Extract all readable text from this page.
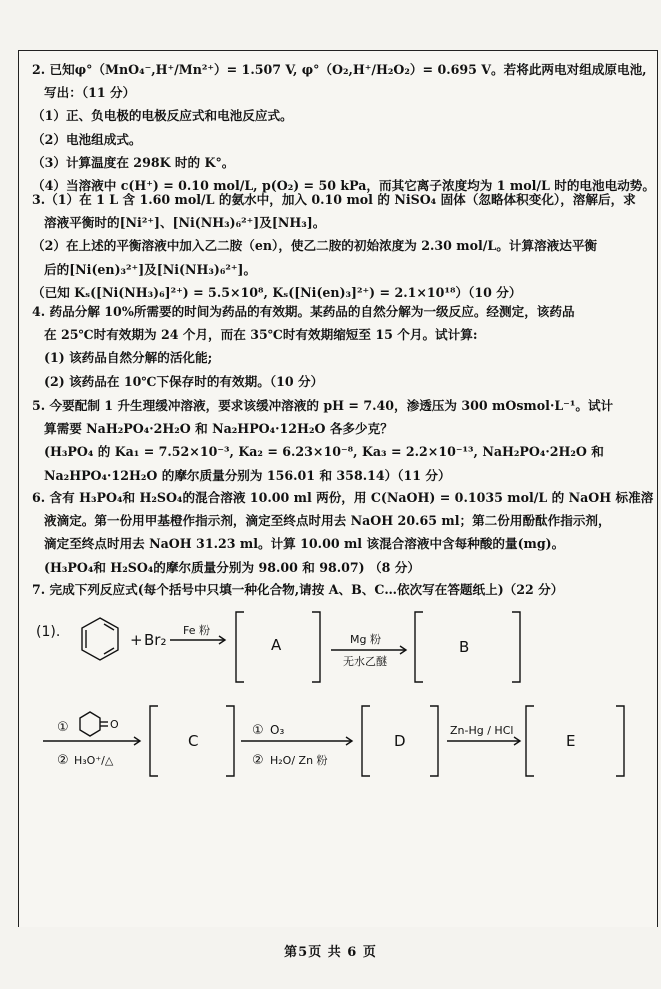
2. 已知φ°（MnO₄⁻,H⁺/Mn²⁺）= 1.507 V, φ°（O₂,H⁺/H₂O₂）= 0.695 V。若将此两电对组成原电池,
写出：（11 分）
（1）正、负电极的电极反应式和电池反应式。
（2）电池组成式。
（3）计算温度在 298K 时的 K°。
（4）当溶液中 c(H⁺) = 0.10 mol/L, p(O₂) = 50 kPa，而其它离子浓度均为 1 mol/L 时的电池电动势。
3.（1）在 1 L 含 1.60 mol/L 的氨水中，加入 0.10 mol 的 NiSO₄ 固体（忽略体积变化），溶解后，求
溶液平衡时的[Ni²⁺]、[Ni(NH₃)₆²⁺]及[NH₃]。
（2）在上述的平衡溶液中加入乙二胺（en），使乙二胺的初始浓度为 2.30 mol/L。计算溶液达平衡
后的[Ni(en)₃²⁺]及[Ni(NH₃)₆²⁺]。
（已知 Kₛ([Ni(NH₃)₆]²⁺) = 5.5×10⁸, Kₛ([Ni(en)₃]²⁺) = 2.1×10¹⁸）（10 分）
4. 药品分解 10%所需要的时间为药品的有效期。某药品的自然分解为一级反应。经测定，该药品
在 25℃时有效期为 24 个月，而在 35℃时有效期缩短至 15 个月。试计算:
(1) 该药品自然分解的活化能;
(2) 该药品在 10℃下保存时的有效期。（10 分）
5. 今要配制 1 升生理缓冲溶液，要求该缓冲溶液的 pH = 7.40，渗透压为 300 mOsmol·L⁻¹。试计
算需要 NaH₂PO₄·2H₂O 和 Na₂HPO₄·12H₂O 各多少克？
(H₃PO₄ 的 Ka₁ = 7.52×10⁻³, Ka₂ = 6.23×10⁻⁸, Ka₃ = 2.2×10⁻¹³, NaH₂PO₄·2H₂O 和
Na₂HPO₄·12H₂O 的摩尔质量分别为 156.01 和 358.14）（11 分）
6. 含有 H₃PO₄和 H₂SO₄的混合溶液 10.00 ml 两份，用 C(NaOH) = 0.1035 mol/L 的 NaOH 标准溶
液滴定。第一份用甲基橙作指示剂，滴定至终点时用去 NaOH 20.65 ml；第二份用酚酞作指示剂，
滴定至终点时用去 NaOH 31.23 ml。计算 10.00 ml 该混合溶液中含每种酸的量(mg)。
(H₃PO₄和 H₂SO₄的摩尔质量分别为 98.00 和 98.07) （8 分）
7. 完成下列反应式(每个括号中只填一种化合物,请按 A、B、C…依次写在答题纸上)（22 分）
(1).	+ Br₂
Fe 粉
A	Mg 粉
无水乙醚
B
①	O
② H₃O⁺/△
C
① O₃
② H₂O/ Zn 粉
D
Zn-Hg / HCl
E
第5页 共 6 页
